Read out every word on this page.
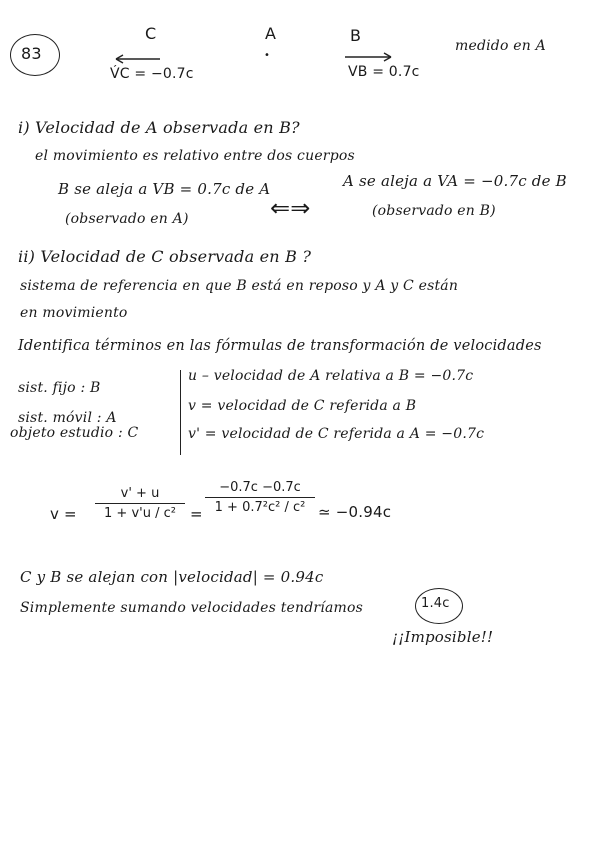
83
C
V́C = −0.7c
A
•
B
VB = 0.7c
medido en A
i) Velocidad de A observada en B?
el movimiento es relativo entre dos cuerpos
B se aleja a VB = 0.7c de A
(observado en A)	⇐⇒
A se aleja a VA = −0.7c de B
(observado en B)
ii) Velocidad de C observada en B ?
sistema de referencia en que B está en reposo y A y C están
en movimiento
Identifica términos en las fórmulas de transformación de velocidades
sist. fijo : B
sist. móvil : A
objeto estudio : C
u – velocidad de A relativa a B = −0.7c
v = velocidad de C referida a B
v' = velocidad de C referida a A = −0.7c
v =
v' + u
1 + v'u / c² =
−0.7c −0.7c
1 + 0.7²c² / c² ≃ −0.94c
C y B se alejan con |velocidad| = 0.94c
Simplemente sumando velocidades tendríamos	1.4c
¡¡Imposible!!
